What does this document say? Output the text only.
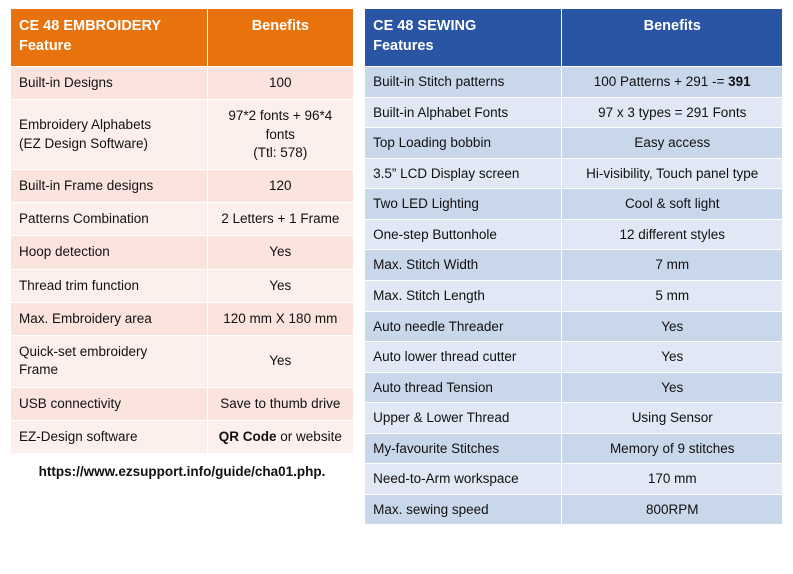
CE 48 EMBROIDERY
Feature	Benefits
Built-in Designs	100

Embroidery Alphabets
(EZ Design Software)	97*2 fonts + 96*4 fonts
(Ttl: 578)

Built-in Frame designs	120
Patterns Combination	2 Letters + 1 Frame
Hoop detection	Yes
Thread trim function	Yes
Max. Embroidery area	120 mm X 180 mm

Quick-set embroidery
Frame	Yes
USB connectivity	Save to thumb drive
EZ-Design software	QR Code or website
https://www.ezsupport.info/guide/cha01.php.
CE 48 SEWING
Features	Benefits
Built-in Stitch patterns	100 Patterns + 291 -= 391
Built-in Alphabet Fonts	97 x 3 types = 291 Fonts
Top Loading bobbin	Easy access
3.5” LCD Display screen	Hi-visibility, Touch panel type
Two LED Lighting	Cool & soft light
One-step Buttonhole	12 different styles
Max. Stitch Width	7 mm
Max. Stitch Length	5 mm
Auto needle Threader	Yes
Auto lower thread cutter	Yes
Auto thread Tension	Yes
Upper & Lower Thread	Using Sensor
My-favourite Stitches	Memory of 9 stitches
Need-to-Arm workspace	170 mm
Max. sewing speed	800RPM
